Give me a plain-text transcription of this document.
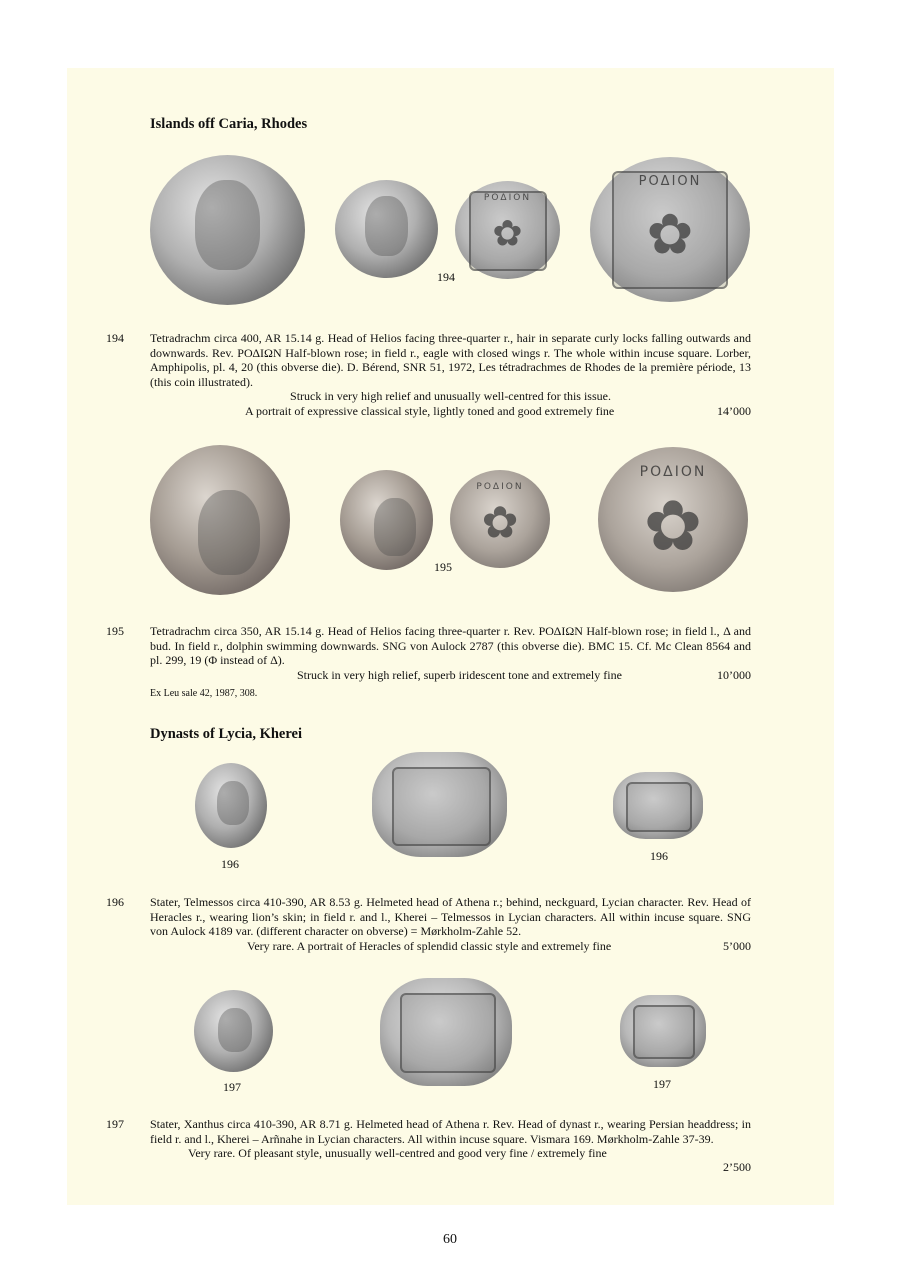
Islands off Caria, Rhodes
ΡΟΔΙΟΝ
✿
ΡΟΔΙΟΝ
✿
194
194 Tetradrachm circa 400, AR 15.14 g. Head of Helios facing three-quarter r., hair in separate curly locks falling outwards and downwards. Rev. ΡΟΔΙΩΝ Half-blown rose; in field r., eagle with closed wings r. The whole within incuse square. Lorber, Amphipolis, pl. 4, 20 (this obverse die). D. Bérend, SNR 51, 1972, Les tétradrachmes de Rhodes de la première période, 13 (this coin illustrated).

Struck in very high relief and unusually well-centred for this issue.

A portrait of expressive classical style, lightly toned and good extremely fine	14’000
ΡΟΔΙΟΝ
✿
ΡΟΔΙΟΝ
✿
195
195 Tetradrachm circa 350, AR 15.14 g. Head of Helios facing three-quarter r. Rev. ΡΟΔΙΩΝ Half-blown rose; in field l., Δ and bud. In field r., dolphin swimming downwards. SNG von Aulock 2787 (this obverse die). BMC 15. Cf. Mc Clean 8564 and pl. 299, 19 (Φ instead of Δ).

Struck in very high relief, superb iridescent tone and extremely fine	10’000
Ex Leu sale 42, 1987, 308.
Dynasts of Lycia, Kherei
196
196
196 Stater, Telmessos circa 410-390, AR 8.53 g. Helmeted head of Athena r.; behind, neckguard, Lycian character. Rev. Head of Heracles r., wearing lion’s skin; in field r. and l., Kherei – Telmessos in Lycian characters. All within incuse square. SNG von Aulock 4189 var. (different character on obverse) = Mørkholm-Zahle 52.

Very rare. A portrait of Heracles of splendid classic style and extremely fine	5’000
197	197
197 Stater, Xanthus circa 410-390, AR 8.71 g. Helmeted head of Athena r. Rev. Head of dynast r., wearing Persian headdress; in field r. and l., Kherei – Arñnahe in Lycian characters. All within incuse square. Vismara 169. Mørkholm-Zahle 37-39.

Very rare. Of pleasant style, unusually well-centred and good very fine / extremely fine

2’500
60
